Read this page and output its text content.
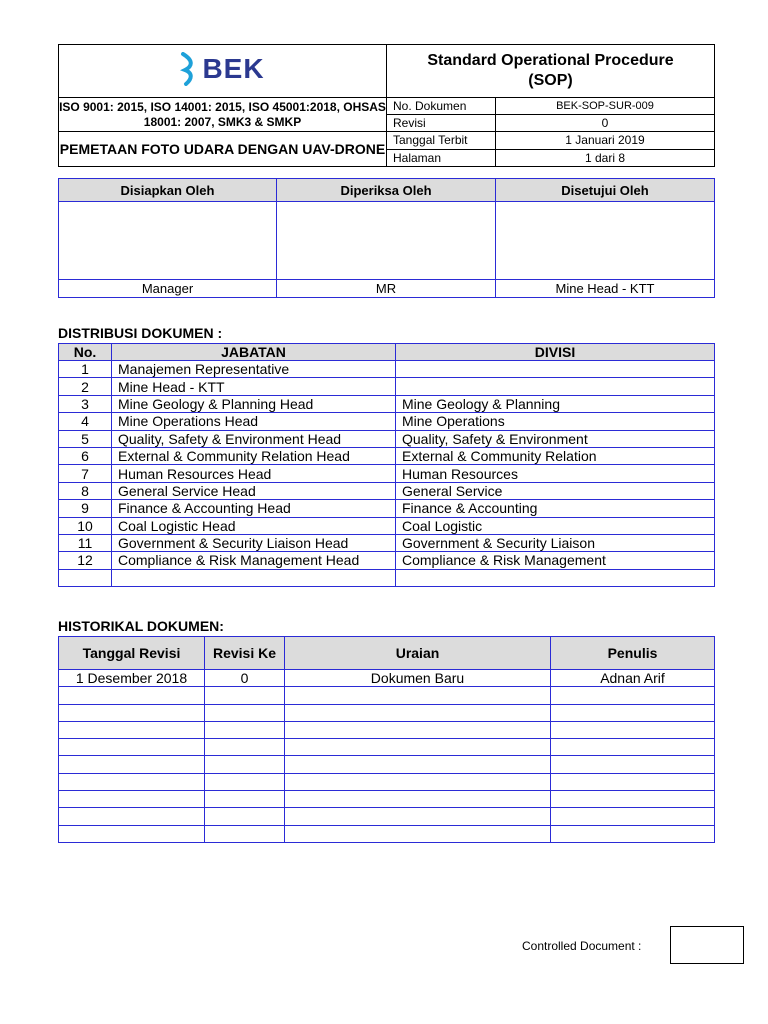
BEK	Standard Operational Procedure
(SOP)	

ISO 9001: 2015, ISO 14001: 2015, ISO 45001:2018, OHSAS 18001: 2007, SMK3 & SMKP	No. Dokumen	BEK-SOP-SUR-009
	Revisi	0
PEMETAAN FOTO UDARA DENGAN UAV-DRONE	Tanggal Terbit	1 Januari 2019
	Halaman	1 dari 8
Disiapkan Oleh	Diperiksa Oleh	Disetujui Oleh

Manager	MR	Mine Head - KTT
DISTRIBUSI DOKUMEN :
No.	JABATAN	DIVISI
1	Manajemen Representative	
2	Mine Head - KTT	
3	Mine Geology & Planning Head	Mine Geology & Planning
4	Mine Operations Head	Mine Operations
5	Quality, Safety & Environment Head	Quality, Safety & Environment
6	External & Community Relation Head	External & Community Relation
7	Human Resources Head	Human Resources
8	General Service Head	General Service
9	Finance & Accounting Head	Finance & Accounting
10	Coal Logistic Head	Coal Logistic
11	Government & Security Liaison Head	Government & Security Liaison
12	Compliance & Risk Management Head	Compliance & Risk Management

HISTORIKAL DOKUMEN:
Tanggal Revisi	Revisi Ke	Uraian	Penulis
1 Desember 2018	0	Dokumen Baru	Adnan Arif

Controlled Document :
